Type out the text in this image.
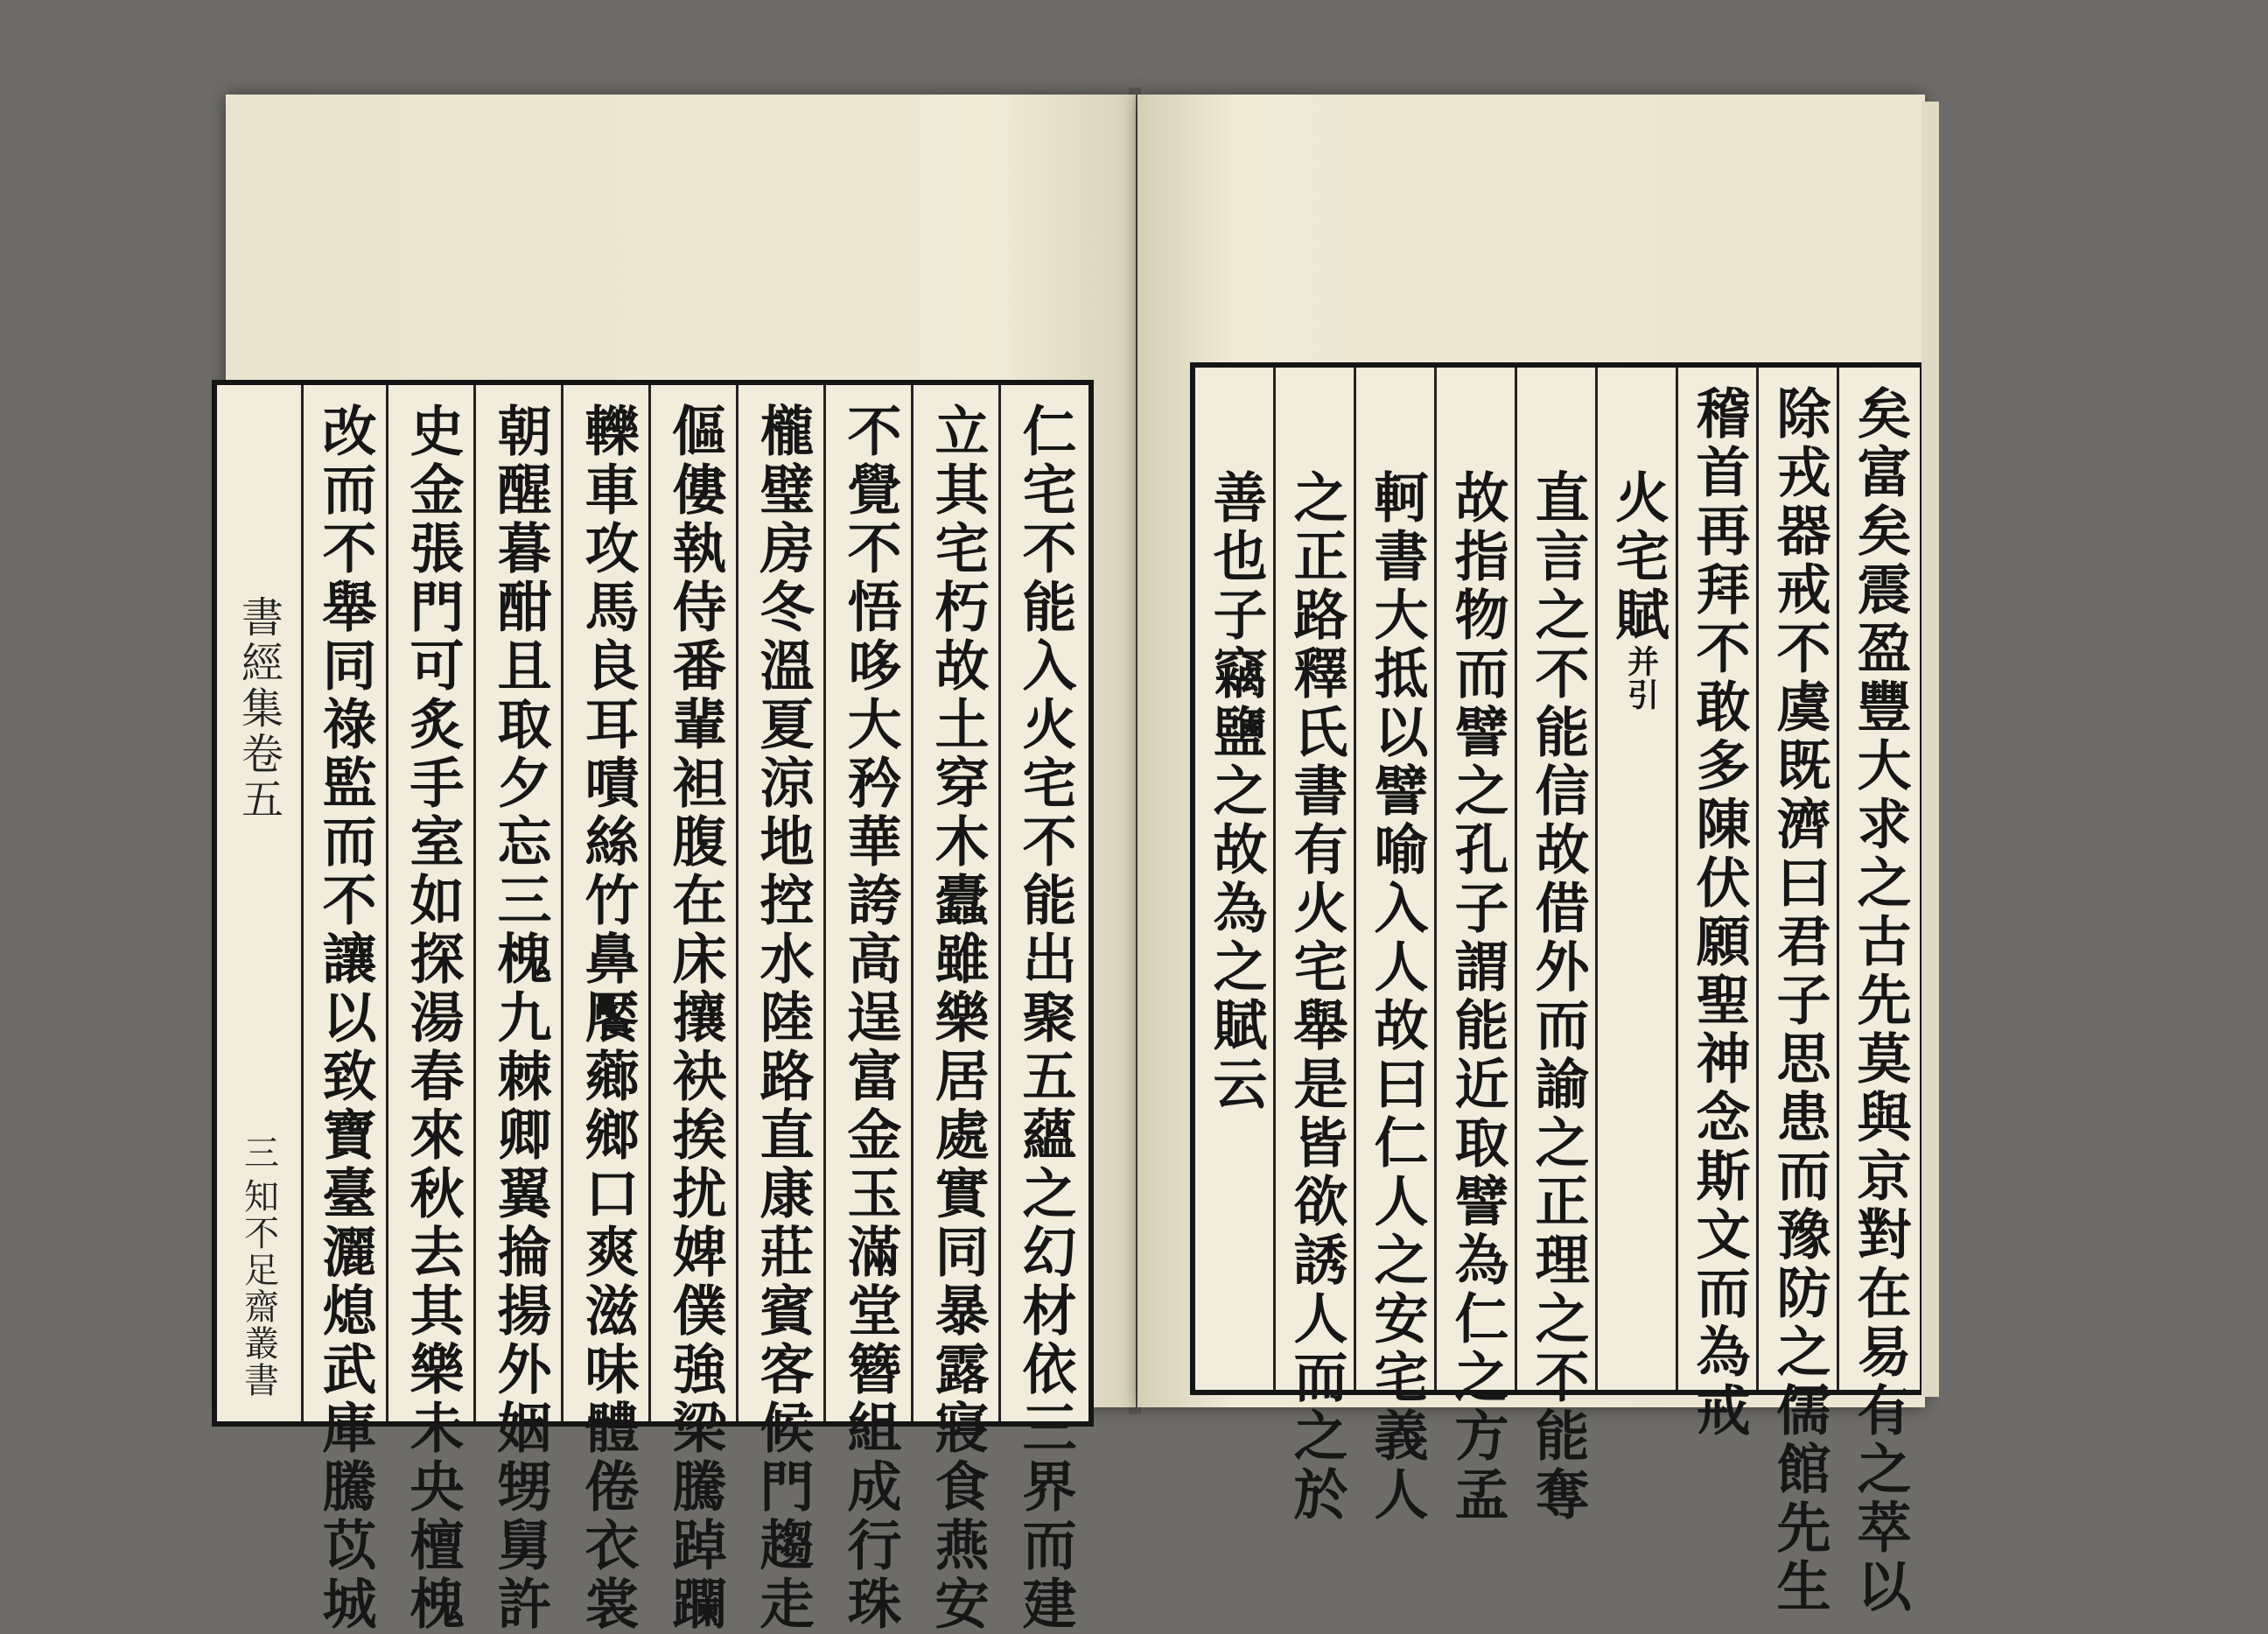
書經集卷五
三
知不足齋叢書	仁宅不能入火宅不能出聚五蘊之幻材依三界而建
立其宅朽故土穿木蠹雖樂居處實同暴露寢食燕安
不覺不悟哆大矜華誇高逞富金玉滿堂簪組成行珠
櫳璧房冬溫夏涼地控水陸路直康莊賓客候門趨走
傴僂執侍番輩袒腹在床攘袂挨扰婢僕強梁騰踔躝
轢車攻馬良耳嘖絲竹鼻饜薌鄉口爽滋味體倦衣裳
朝醒暮酣且取夕忘三槐九棘卿翼掄揚外姻甥舅許
史金張門可炙手室如探湯春來秋去其樂未央檀槐
改而不舉同祿監而不讓以致寶臺灑熄武庫騰苡城	矣富矣震盈豐大求之古先莫與京對在易有之萃以
除戎器戒不虞既濟曰君子思患而豫防之儒館先生
稽首再拜不敢多陳伏願聖神念斯文而為戒
火宅賦
并引
直言之不能信故借外而諭之正理之不能奪
故指物而譬之孔子謂能近取譬為仁之方孟
軻書大抵以譬喻入人故曰仁人之安宅義人
之正路釋氏書有火宅舉是皆欲誘人而之於
善也子竊鹽之故為之賦云
